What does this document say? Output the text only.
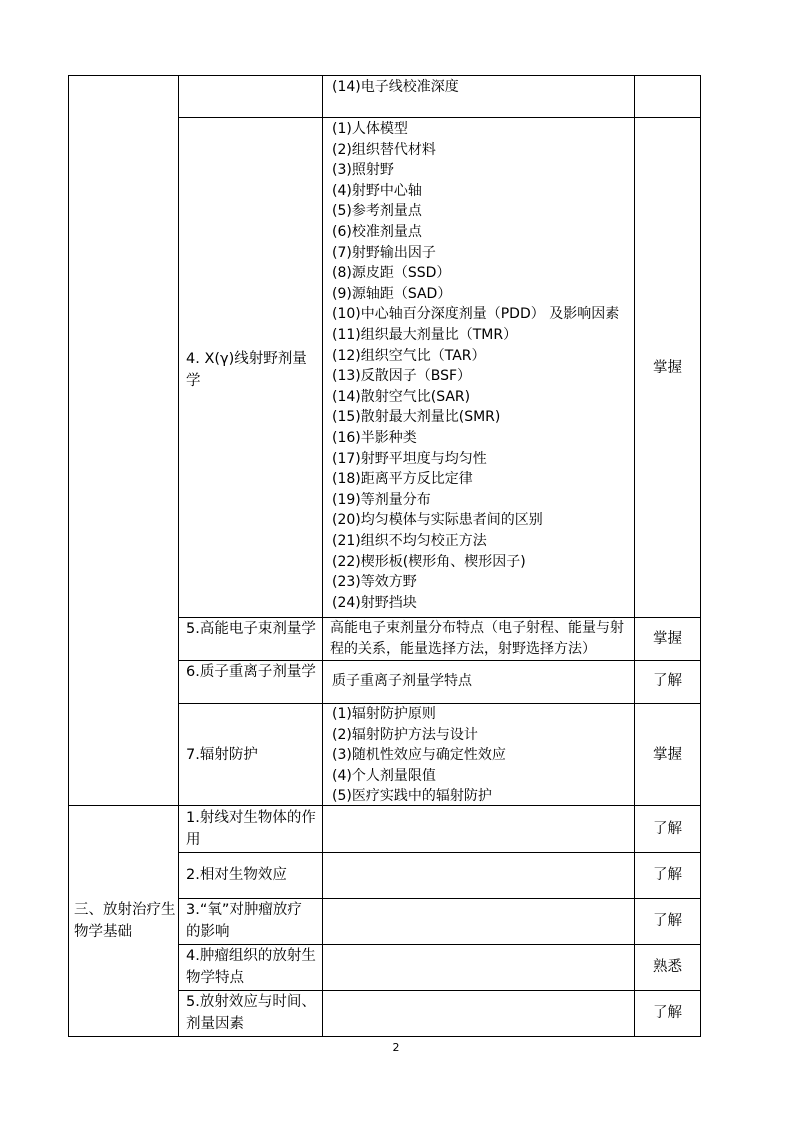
(14)电子线校准深度
4. X(γ)线射野剂量学
(1)人体模型
(2)组织替代材料
(3)照射野
(4)射野中心轴
(5)参考剂量点
(6)校准剂量点
(7)射野输出因子
(8)源皮距（SSD）
(9)源轴距（SAD）
(10)中心轴百分深度剂量（PDD） 及影响因素
(11)组织最大剂量比（TMR）
(12)组织空气比（TAR）
(13)反散因子（BSF）
(14)散射空气比(SAR)
(15)散射最大剂量比(SMR)
(16)半影种类
(17)射野平坦度与均匀性
(18)距离平方反比定律
(19)等剂量分布
(20)均匀模体与实际患者间的区别
(21)组织不均匀校正方法
(22)楔形板(楔形角、楔形因子)
(23)等效方野
(24)射野挡块
掌握
5.高能电子束剂量学 高能电子束剂量分布特点（电子射程、能量与射程的关系，能量选择方法，射野选择方法）
掌握
6.质子重离子剂量学
质子重离子剂量学特点	了解
7.辐射防护
(1)辐射防护原则
(2)辐射防护方法与设计
(3)随机性效应与确定性效应
(4)个人剂量限值
(5)医疗实践中的辐射防护
掌握
三、放射治疗生物学基础
1.射线对生物体的作用
了解
2.相对生物效应	了解
3.“氧”对肿瘤放疗的影响
了解
4.肿瘤组织的放射生物学特点
熟悉
5.放射效应与时间、剂量因素
了解
2
